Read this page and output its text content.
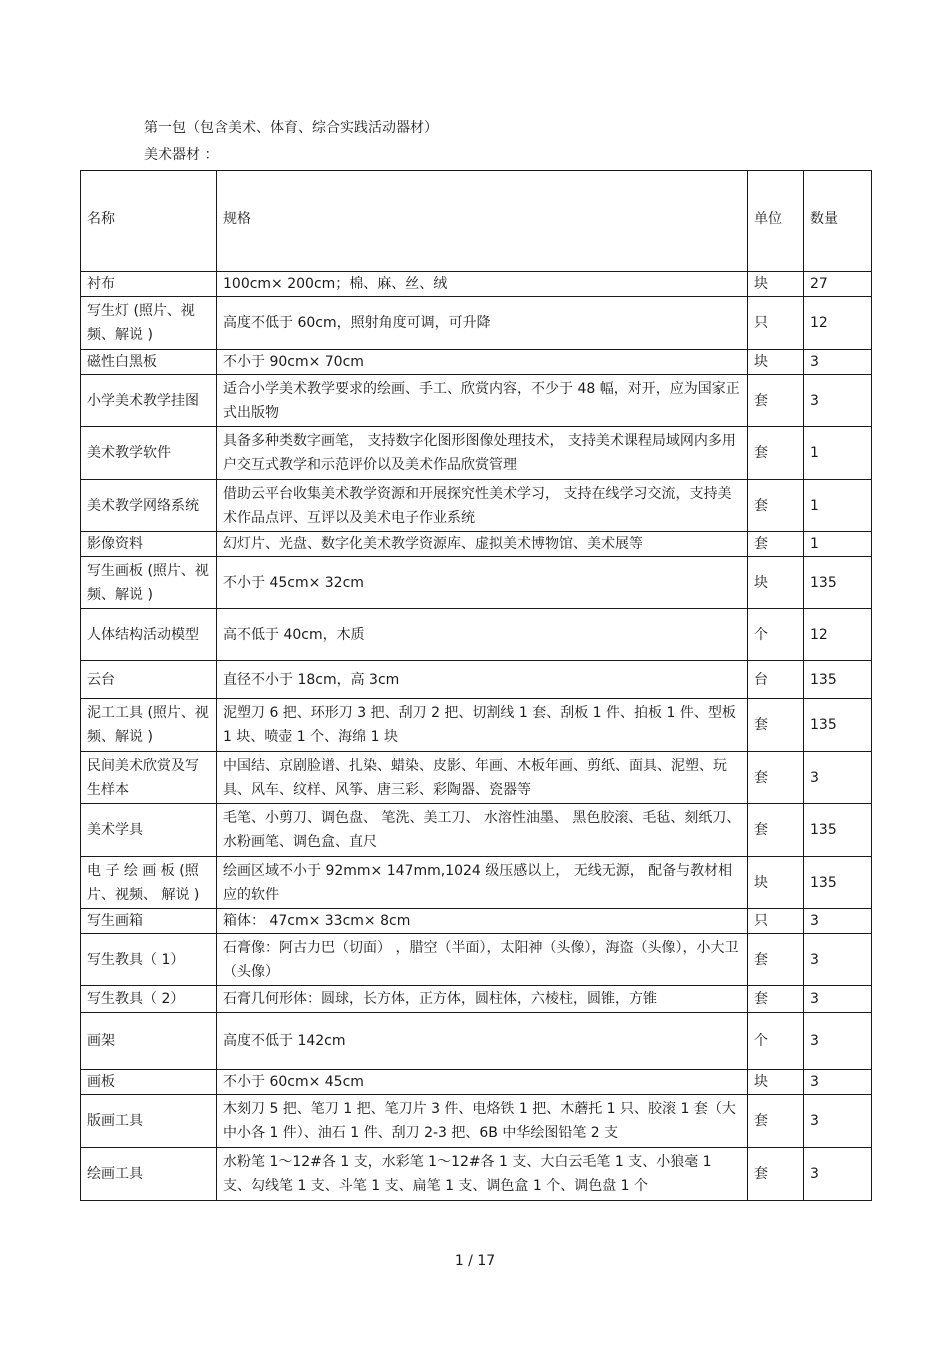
第一包（包含美术、体育、综合实践活动器材）
美术器材 ：
名称	规格	单位	数量
衬布	100cm× 200cm；棉、麻、丝、绒	块	27
写生灯 (照片、视频、解说 )	高度不低于 60cm，照射角度可调，可升降	只	12
磁性白黑板	不小于 90cm× 70cm	块	3
小学美术教学挂图	适合小学美术教学要求的绘画、手工、欣赏内容，不少于 48 幅，对开，应为国家正式出版物	套	3
美术教学软件	具备多种类数字画笔， 支持数字化图形图像处理技术， 支持美术课程局域网内多用户交互式教学和示范评价以及美术作品欣赏管理	套	1
美术教学网络系统	借助云平台收集美术教学资源和开展探究性美术学习， 支持在线学习交流，支持美术作品点评、互评以及美术电子作业系统	套	1
影像资料	幻灯片、光盘、数字化美术教学资源库、虚拟美术博物馆、美术展等	套	1
写生画板 (照片、视频、解说 )	不小于 45cm× 32cm	块	135
人体结构活动模型	高不低于 40cm，木质	个	12
云台	直径不小于 18cm，高 3cm	台	135
泥工工具 (照片、视频、解说 )	泥塑刀 6 把、环形刀 3 把、刮刀 2 把、切割线 1 套、刮板 1 件、拍板 1 件、型板 1 块、喷壶 1 个、海绵 1 块	套	135
民间美术欣赏及写生样本	中国结、京剧脸谱、扎染、蜡染、皮影、年画、木板年画、剪纸、面具、泥塑、玩具、风车、纹样、风筝、唐三彩、彩陶器、瓷器等	套	3
美术学具	毛笔、小剪刀、调色盘、 笔洗、美工刀、 水溶性油墨、 黑色胶滚、毛毡、刻纸刀、水粉画笔、调色盒、直尺	套	135
电 子 绘 画 板 (照片、视频、 解说 )	绘画区域不小于 92mm× 147mm,1024 级压感以上， 无线无源， 配备与教材相应的软件	块	135
写生画箱	箱体： 47cm× 33cm× 8cm	只	3
写生教具（ 1）	石膏像：阿古力巴（切面） ，腊空（半面），太阳神（头像），海盗（头像），小大卫（头像）	套	3
写生教具（ 2）	石膏几何形体：圆球，长方体，正方体，圆柱体，六棱柱，圆锥，方锥	套	3
画架	高度不低于 142cm	个	3
画板	不小于 60cm× 45cm	块	3
版画工具	木刻刀 5 把、笔刀 1 把、笔刀片 3 件、电烙铁 1 把、木蘑托 1 只、胶滚 1 套（大中小各 1 件）、油石 1 件、刮刀 2-3 把、6B 中华绘图铅笔 2 支	套	3
绘画工具	水粉笔 1～12#各 1 支，水彩笔 1～12#各 1 支、大白云毛笔 1 支、小狼毫 1 支、勾线笔 1 支、斗笔 1 支、扁笔 1 支、调色盒 1 个、调色盘 1 个	套	3
1 / 17
